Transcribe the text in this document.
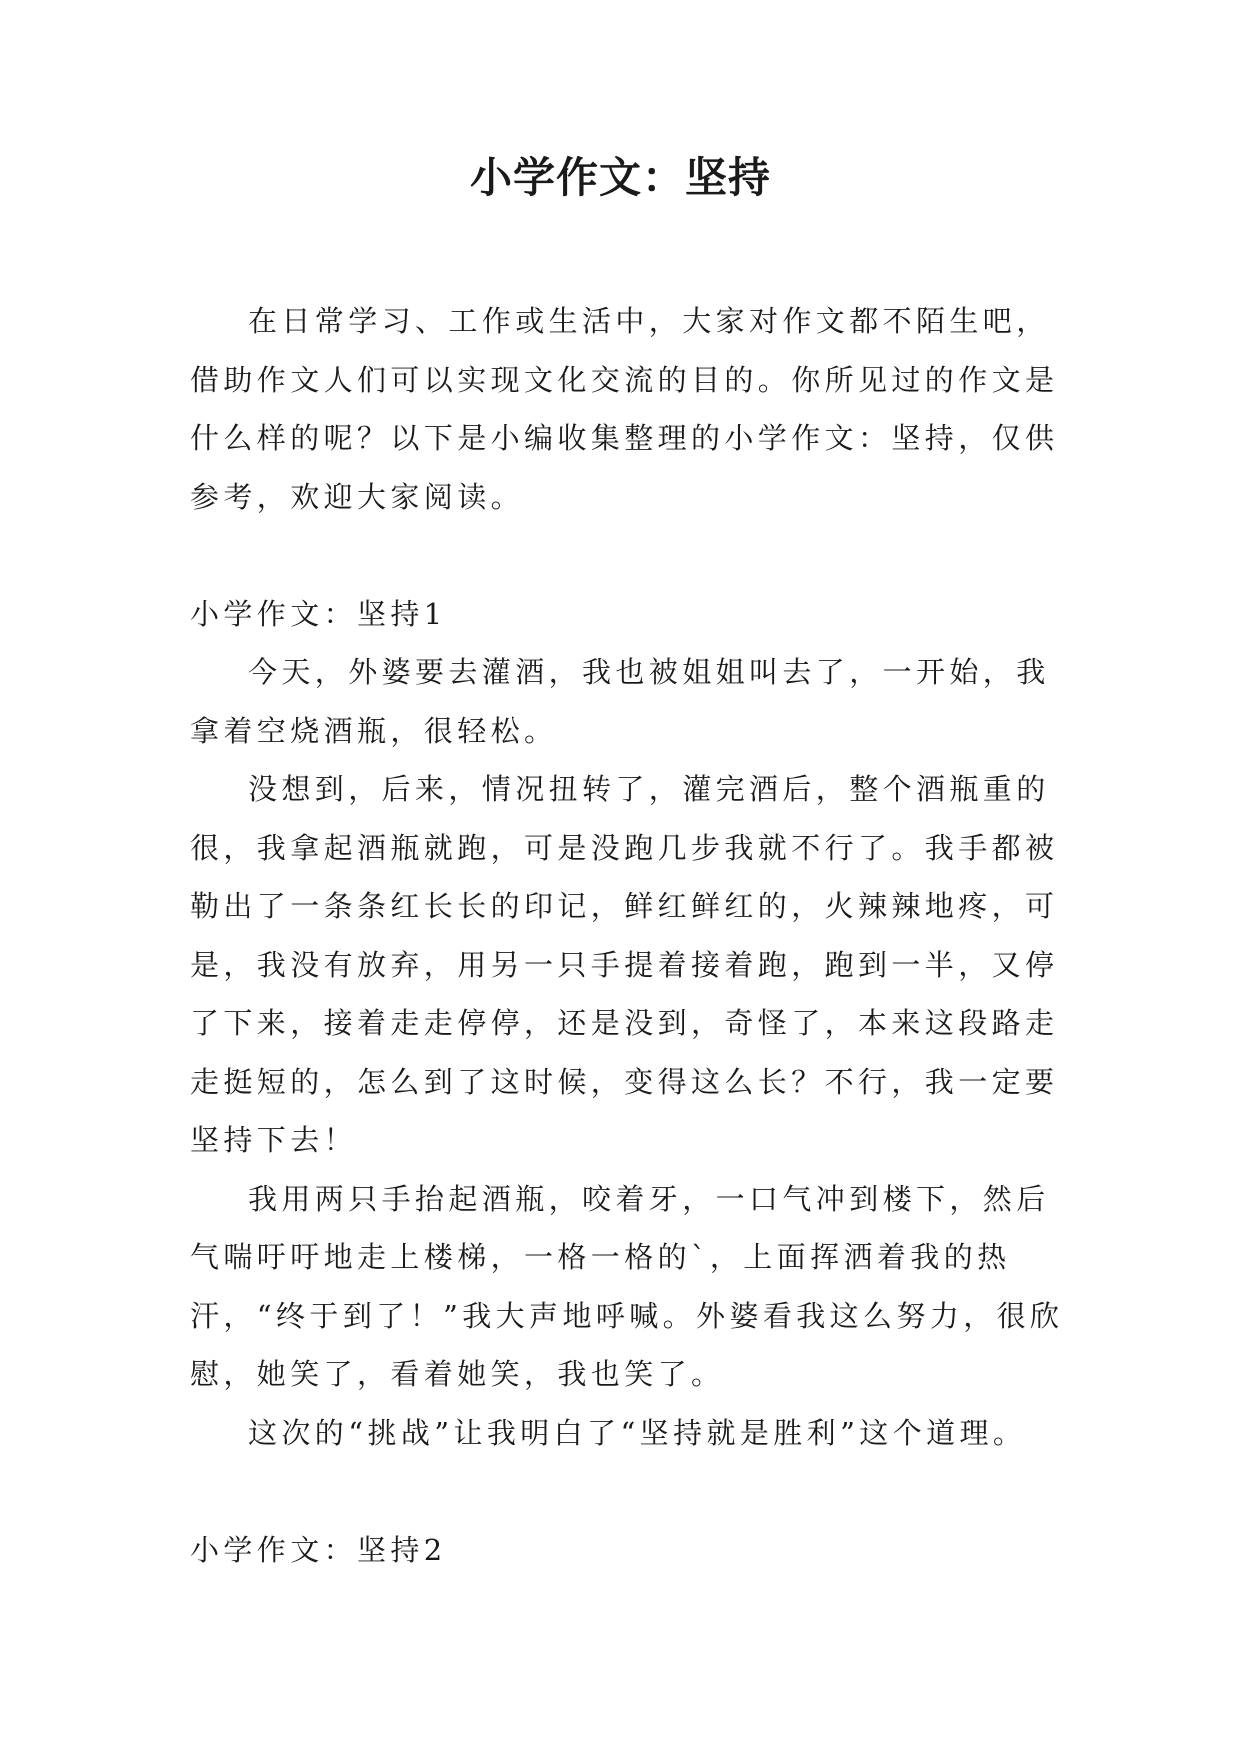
小学作文：坚持

在日常学习、工作或生活中，大家对作文都不陌生吧，借助作文人们可以实现文化交流的目的。你所见过的作文是什么样的呢？以下是小编收集整理的小学作文：坚持，仅供参考，欢迎大家阅读。

小学作文：坚持1

今天，外婆要去灌酒，我也被姐姐叫去了，一开始，我拿着空烧酒瓶，很轻松。

没想到，后来，情况扭转了，灌完酒后，整个酒瓶重的很，我拿起酒瓶就跑，可是没跑几步我就不行了。我手都被勒出了一条条红长长的印记，鲜红鲜红的，火辣辣地疼，可是，我没有放弃，用另一只手提着接着跑，跑到一半，又停了下来，接着走走停停，还是没到，奇怪了，本来这段路走走挺短的，怎么到了这时候，变得这么长？不行，我一定要坚持下去！

我用两只手抬起酒瓶，咬着牙，一口气冲到楼下，然后气喘吁吁地走上楼梯，一格一格的`，上面挥洒着我的热汗，“终于到了！”我大声地呼喊。外婆看我这么努力，很欣慰，她笑了，看着她笑，我也笑了。

这次的“挑战”让我明白了“坚持就是胜利”这个道理。

小学作文：坚持2
